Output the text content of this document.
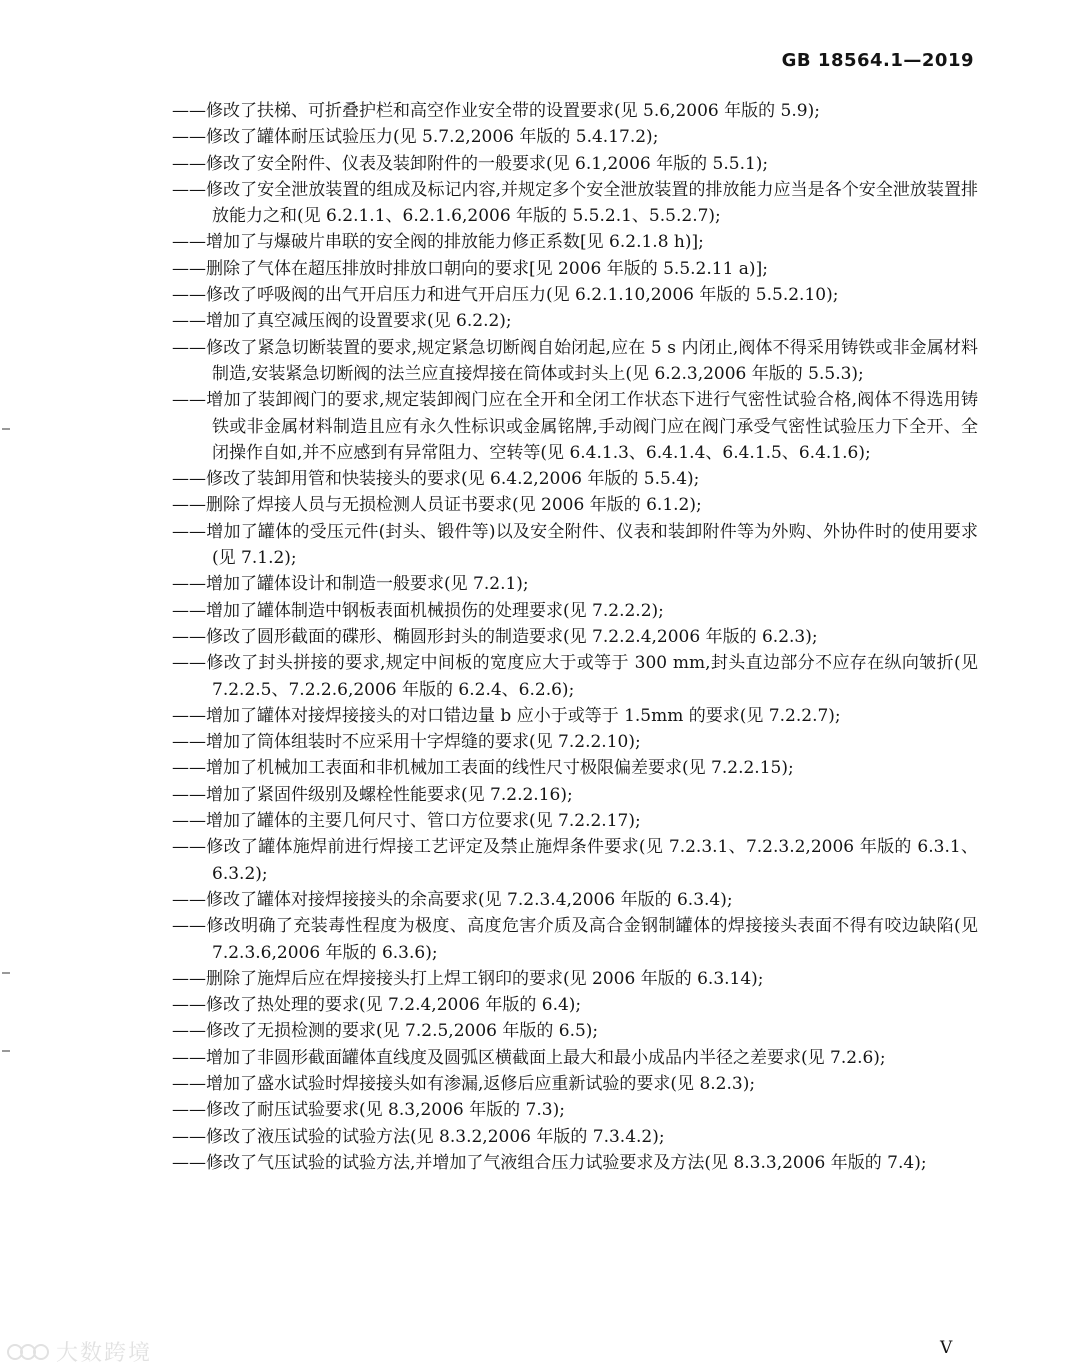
GB 18564.1—2019
——修改了扶梯、可折叠护栏和高空作业安全带的设置要求(见 5.6,2006 年版的 5.9);
——修改了罐体耐压试验压力(见 5.7.2,2006 年版的 5.4.17.2);
——修改了安全附件、仪表及装卸附件的一般要求(见 6.1,2006 年版的 5.5.1);
——修改了安全泄放装置的组成及标记内容,并规定多个安全泄放装置的排放能力应当是各个安全泄放装置排放能力之和(见 6.2.1.1、6.2.1.6,2006 年版的 5.5.2.1、5.5.2.7);
——增加了与爆破片串联的安全阀的排放能力修正系数[见 6.2.1.8 h)];
——删除了气体在超压排放时排放口朝向的要求[见 2006 年版的 5.5.2.11 a)];
——修改了呼吸阀的出气开启压力和进气开启压力(见 6.2.1.10,2006 年版的 5.5.2.10);
——增加了真空减压阀的设置要求(见 6.2.2);
——修改了紧急切断装置的要求,规定紧急切断阀自始闭起,应在 5 s 内闭止,阀体不得采用铸铁或非金属材料制造,安装紧急切断阀的法兰应直接焊接在筒体或封头上(见 6.2.3,2006 年版的 5.5.3);
——增加了装卸阀门的要求,规定装卸阀门应在全开和全闭工作状态下进行气密性试验合格,阀体不得选用铸铁或非金属材料制造且应有永久性标识或金属铭牌,手动阀门应在阀门承受气密性试验压力下全开、全闭操作自如,并不应感到有异常阻力、空转等(见 6.4.1.3、6.4.1.4、6.4.1.5、6.4.1.6);
——修改了装卸用管和快装接头的要求(见 6.4.2,2006 年版的 5.5.4);
——删除了焊接人员与无损检测人员证书要求(见 2006 年版的 6.1.2);
——增加了罐体的受压元件(封头、锻件等)以及安全附件、仪表和装卸附件等为外购、外协件时的使用要求(见 7.1.2);
——增加了罐体设计和制造一般要求(见 7.2.1);
——增加了罐体制造中钢板表面机械损伤的处理要求(见 7.2.2.2);
——修改了圆形截面的碟形、椭圆形封头的制造要求(见 7.2.2.4,2006 年版的 6.2.3);
——修改了封头拼接的要求,规定中间板的宽度应大于或等于 300 mm,封头直边部分不应存在纵向皱折(见 7.2.2.5、7.2.2.6,2006 年版的 6.2.4、6.2.6);
——增加了罐体对接焊接接头的对口错边量 b 应小于或等于 1.5mm 的要求(见 7.2.2.7);
——增加了筒体组装时不应采用十字焊缝的要求(见 7.2.2.10);
——增加了机械加工表面和非机械加工表面的线性尺寸极限偏差要求(见 7.2.2.15);
——增加了紧固件级别及螺栓性能要求(见 7.2.2.16);
——增加了罐体的主要几何尺寸、管口方位要求(见 7.2.2.17);
——修改了罐体施焊前进行焊接工艺评定及禁止施焊条件要求(见 7.2.3.1、7.2.3.2,2006 年版的 6.3.1、6.3.2);
——修改了罐体对接焊接接头的余高要求(见 7.2.3.4,2006 年版的 6.3.4);
——修改明确了充装毒性程度为极度、高度危害介质及高合金钢制罐体的焊接接头表面不得有咬边缺陷(见 7.2.3.6,2006 年版的 6.3.6);
——删除了施焊后应在焊接接头打上焊工钢印的要求(见 2006 年版的 6.3.14);
——修改了热处理的要求(见 7.2.4,2006 年版的 6.4);
——修改了无损检测的要求(见 7.2.5,2006 年版的 6.5);
——增加了非圆形截面罐体直线度及圆弧区横截面上最大和最小成品内半径之差要求(见 7.2.6);
——增加了盛水试验时焊接接头如有渗漏,返修后应重新试验的要求(见 8.2.3);
——修改了耐压试验要求(见 8.3,2006 年版的 7.3);
——修改了液压试验的试验方法(见 8.3.2,2006 年版的 7.3.4.2);
——修改了气压试验的试验方法,并增加了气液组合压力试验要求及方法(见 8.3.3,2006 年版的 7.4);
大数跨境	V
